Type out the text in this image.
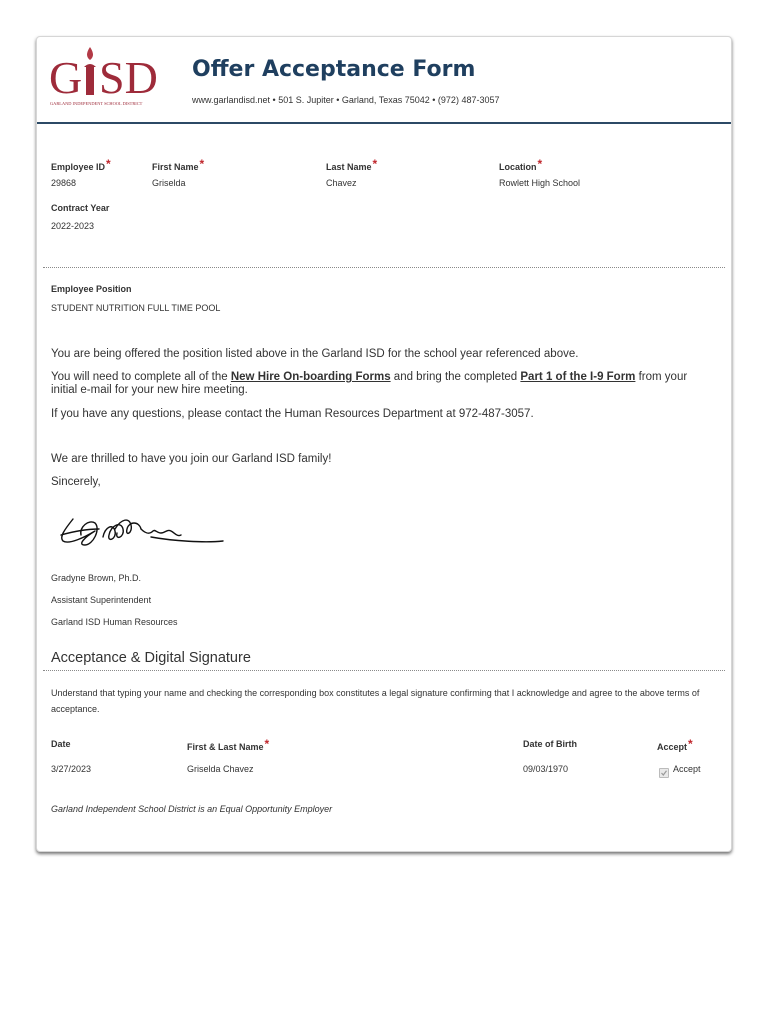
G SD
GARLAND INDEPENDENT SCHOOL DISTRICT
Offer Acceptance Form
www.garlandisd.net • 501 S. Jupiter • Garland, Texas 75042 • (972) 487-3057
Employee ID*
29868
First Name*
Griselda
Last Name*
Chavez
Location*
Rowlett High School
Contract Year
2022-2023
Employee Position
STUDENT NUTRITION FULL TIME POOL
You are being offered the position listed above in the Garland ISD for the school year referenced above.
You will need to complete all of the New Hire On-boarding Forms and bring the completed Part 1 of the I-9 Form from your initial e-mail for your new hire meeting.
If you have any questions, please contact the Human Resources Department at 972-487-3057.
We are thrilled to have you join our Garland ISD family!
Sincerely,
Gradyne Brown, Ph.D.
Assistant Superintendent
Garland ISD Human Resources
Acceptance & Digital Signature
Understand that typing your name and checking the corresponding box constitutes a legal signature confirming that I acknowledge and agree to the above terms of acceptance.
Date
3/27/2023
First & Last Name*
Griselda Chavez
Date of Birth
09/03/1970
Accept*
Accept
Garland Independent School District is an Equal Opportunity Employer
